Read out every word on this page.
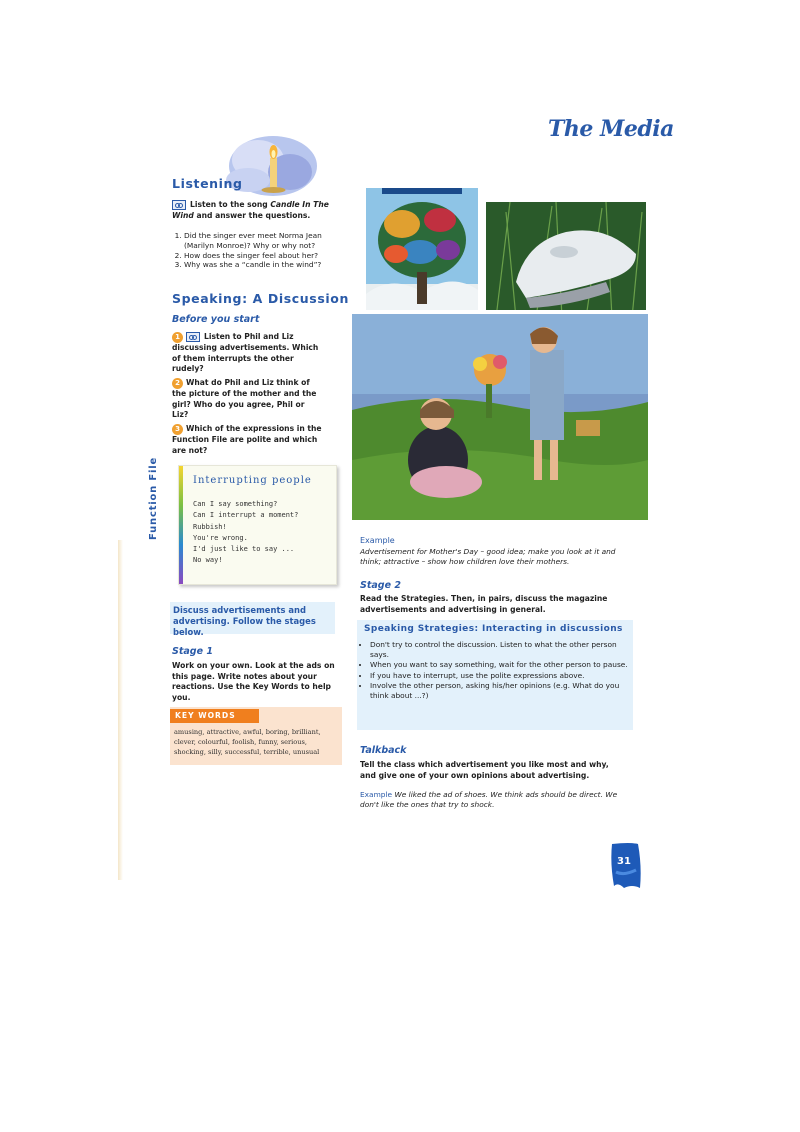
The Media
Listening
Listen to the song Candle In The Wind and answer the questions.
1. Did the singer ever meet Norma Jean (Marilyn Monroe)? Why or why not?
2. How does the singer feel about her?
3. Why was she a “candle in the wind”?
Speaking: A Discussion
Before you start
1	Listen to Phil and Liz discussing advertisements. Which of them interrupts the other rudely?
2 What do Phil and Liz think of the picture of the mother and the girl? Who do you agree, Phil or Liz?
3 Which of the expressions in the Function File are polite and which are not?
Function File	Interrupting people
Can I say something?
Can I interrupt a moment?
Rubbish!
You're wrong.
I'd just like to say ...
No way!
Discuss advertisements and advertising. Follow the stages below.
Stage 1
Work on your own. Look at the ads on this page. Write notes about your reactions. Use the Key Words to help you.
KEY WORDS
amusing, attractive, awful, boring, brilliant, clever, colourful, foolish, funny, serious, shocking, silly, successful, terrible, unusual
Example
Advertisement for Mother's Day – good idea; make you look at it and think; attractive – show how children love their mothers.
Stage 2
Read the Strategies. Then, in pairs, discuss the magazine advertisements and advertising in general.
Speaking Strategies: Interacting in discussions
• Don't try to control the discussion. Listen to what the other person says.
• When you want to say something, wait for the other person to pause.
• If you have to interrupt, use the polite expressions above.
• Involve the other person, asking his/her opinions (e.g. What do you think about ...?)
Talkback
Tell the class which advertisement you like most and why, and give one of your own opinions about advertising.
Example We liked the ad of shoes. We think ads should be direct. We don't like the ones that try to shock.
31
